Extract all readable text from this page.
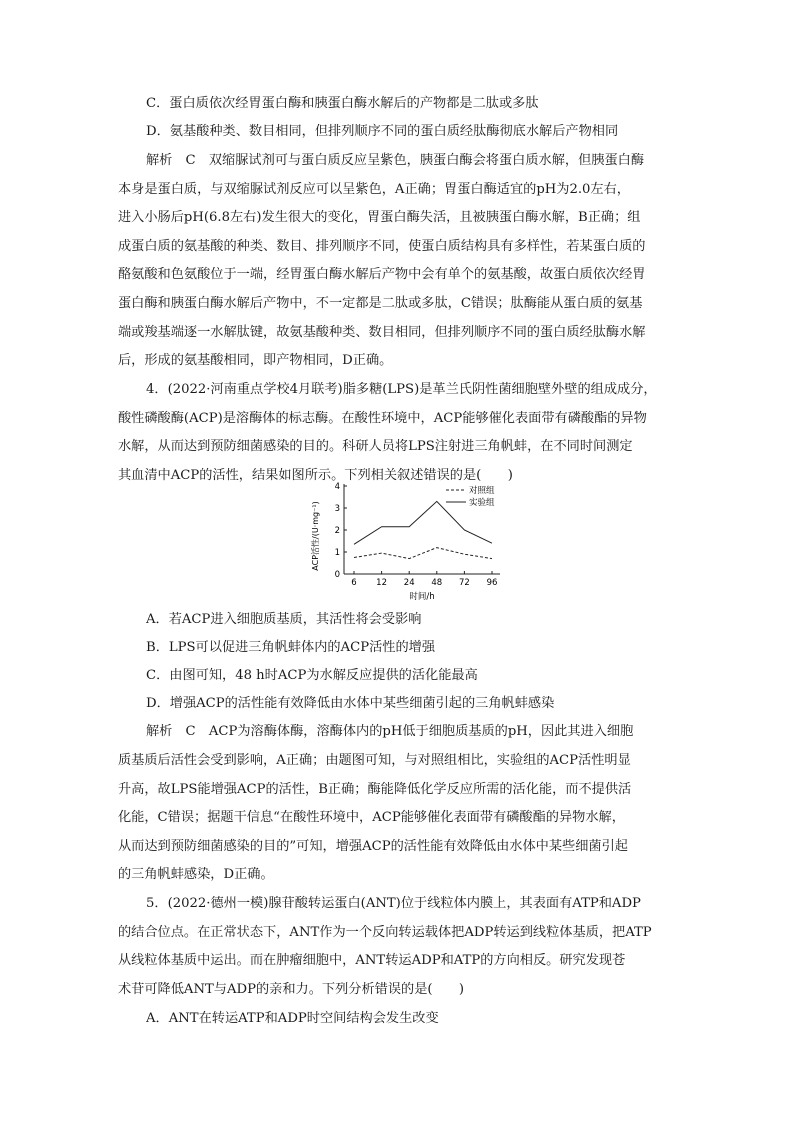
C．蛋白质依次经胃蛋白酶和胰蛋白酶水解后的产物都是二肽或多肽
D．氨基酸种类、数目相同，但排列顺序不同的蛋白质经肽酶彻底水解后产物相同
解析　C　双缩脲试剂可与蛋白质反应呈紫色，胰蛋白酶会将蛋白质水解，但胰蛋白酶
本身是蛋白质，与双缩脲试剂反应可以呈紫色，A正确；胃蛋白酶适宜的pH为2.0左右，
进入小肠后pH(6.8左右)发生很大的变化，胃蛋白酶失活，且被胰蛋白酶水解，B正确；组
成蛋白质的氨基酸的种类、数目、排列顺序不同，使蛋白质结构具有多样性，若某蛋白质的
酪氨酸和色氨酸位于一端，经胃蛋白酶水解后产物中会有单个的氨基酸，故蛋白质依次经胃
蛋白酶和胰蛋白酶水解后产物中，不一定都是二肽或多肽，C错误；肽酶能从蛋白质的氨基
端或羧基端逐一水解肽键，故氨基酸种类、数目相同，但排列顺序不同的蛋白质经肽酶水解
后，形成的氨基酸相同，即产物相同，D正确。
4．(2022·河南重点学校4月联考)脂多糖(LPS)是革兰氏阴性菌细胞壁外壁的组成成分，
酸性磷酸酶(ACP)是溶酶体的标志酶。在酸性环境中，ACP能够催化表面带有磷酸酯的异物
水解，从而达到预防细菌感染的目的。科研人员将LPS注射进三角帆蚌，在不同时间测定
其血清中ACP的活性，结果如图所示。下列相关叙述错误的是(　　)
0
1
2
3
4
6 12 24 48 72 96
ACP活性/(U·mg⁻¹)
时间/h
对照组
实验组
A．若ACP进入细胞质基质，其活性将会受影响
B．LPS可以促进三角帆蚌体内的ACP活性的增强
C．由图可知，48 h时ACP为水解反应提供的活化能最高
D．增强ACP的活性能有效降低由水体中某些细菌引起的三角帆蚌感染
解析　C　ACP为溶酶体酶，溶酶体内的pH低于细胞质基质的pH，因此其进入细胞
质基质后活性会受到影响，A正确；由题图可知，与对照组相比，实验组的ACP活性明显
升高，故LPS能增强ACP的活性，B正确；酶能降低化学反应所需的活化能，而不提供活
化能，C错误；据题干信息“在酸性环境中，ACP能够催化表面带有磷酸酯的异物水解，
从而达到预防细菌感染的目的”可知，增强ACP的活性能有效降低由水体中某些细菌引起
的三角帆蚌感染，D正确。
5．(2022·德州一模)腺苷酸转运蛋白(ANT)位于线粒体内膜上，其表面有ATP和ADP
的结合位点。在正常状态下，ANT作为一个反向转运载体把ADP转运到线粒体基质，把ATP
从线粒体基质中运出。而在肿瘤细胞中，ANT转运ADP和ATP的方向相反。研究发现苍
术苷可降低ANT与ADP的亲和力。下列分析错误的是(　　)
A．ANT在转运ATP和ADP时空间结构会发生改变
